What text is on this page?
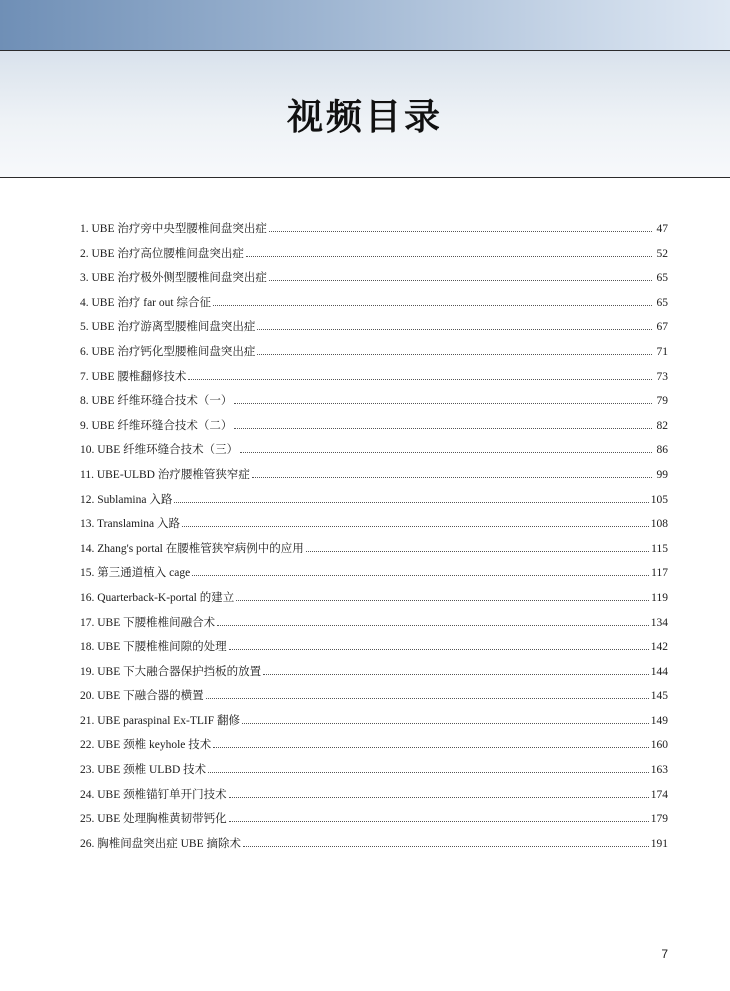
视频目录
1. UBE 治疗旁中央型腰椎间盘突出症	47
2. UBE 治疗高位腰椎间盘突出症	52
3. UBE 治疗极外侧型腰椎间盘突出症	65
4. UBE 治疗 far out 综合征	65
5. UBE 治疗游离型腰椎间盘突出症	67
6. UBE 治疗钙化型腰椎间盘突出症	71
7. UBE 腰椎翻修技术	73
8. UBE 纤维环缝合技术（一）	79
9. UBE 纤维环缝合技术（二）	82
10. UBE 纤维环缝合技术（三）	86
11. UBE-ULBD 治疗腰椎管狭窄症	99
12. Sublamina 入路	105
13. Translamina 入路	108
14. Zhang's portal 在腰椎管狭窄病例中的应用	115
15. 第三通道植入 cage	117
16. Quarterback-K-portal 的建立	119
17. UBE 下腰椎椎间融合术	134
18. UBE 下腰椎椎间隙的处理	142
19. UBE 下大融合器保护挡板的放置	144
20. UBE 下融合器的横置	145
21. UBE paraspinal Ex-TLIF 翻修	149
22. UBE 颈椎 keyhole 技术	160
23. UBE 颈椎 ULBD 技术	163
24. UBE 颈椎锚钉单开门技术	174
25. UBE 处理胸椎黄韧带钙化	179
26. 胸椎间盘突出症 UBE 摘除术	191
7
